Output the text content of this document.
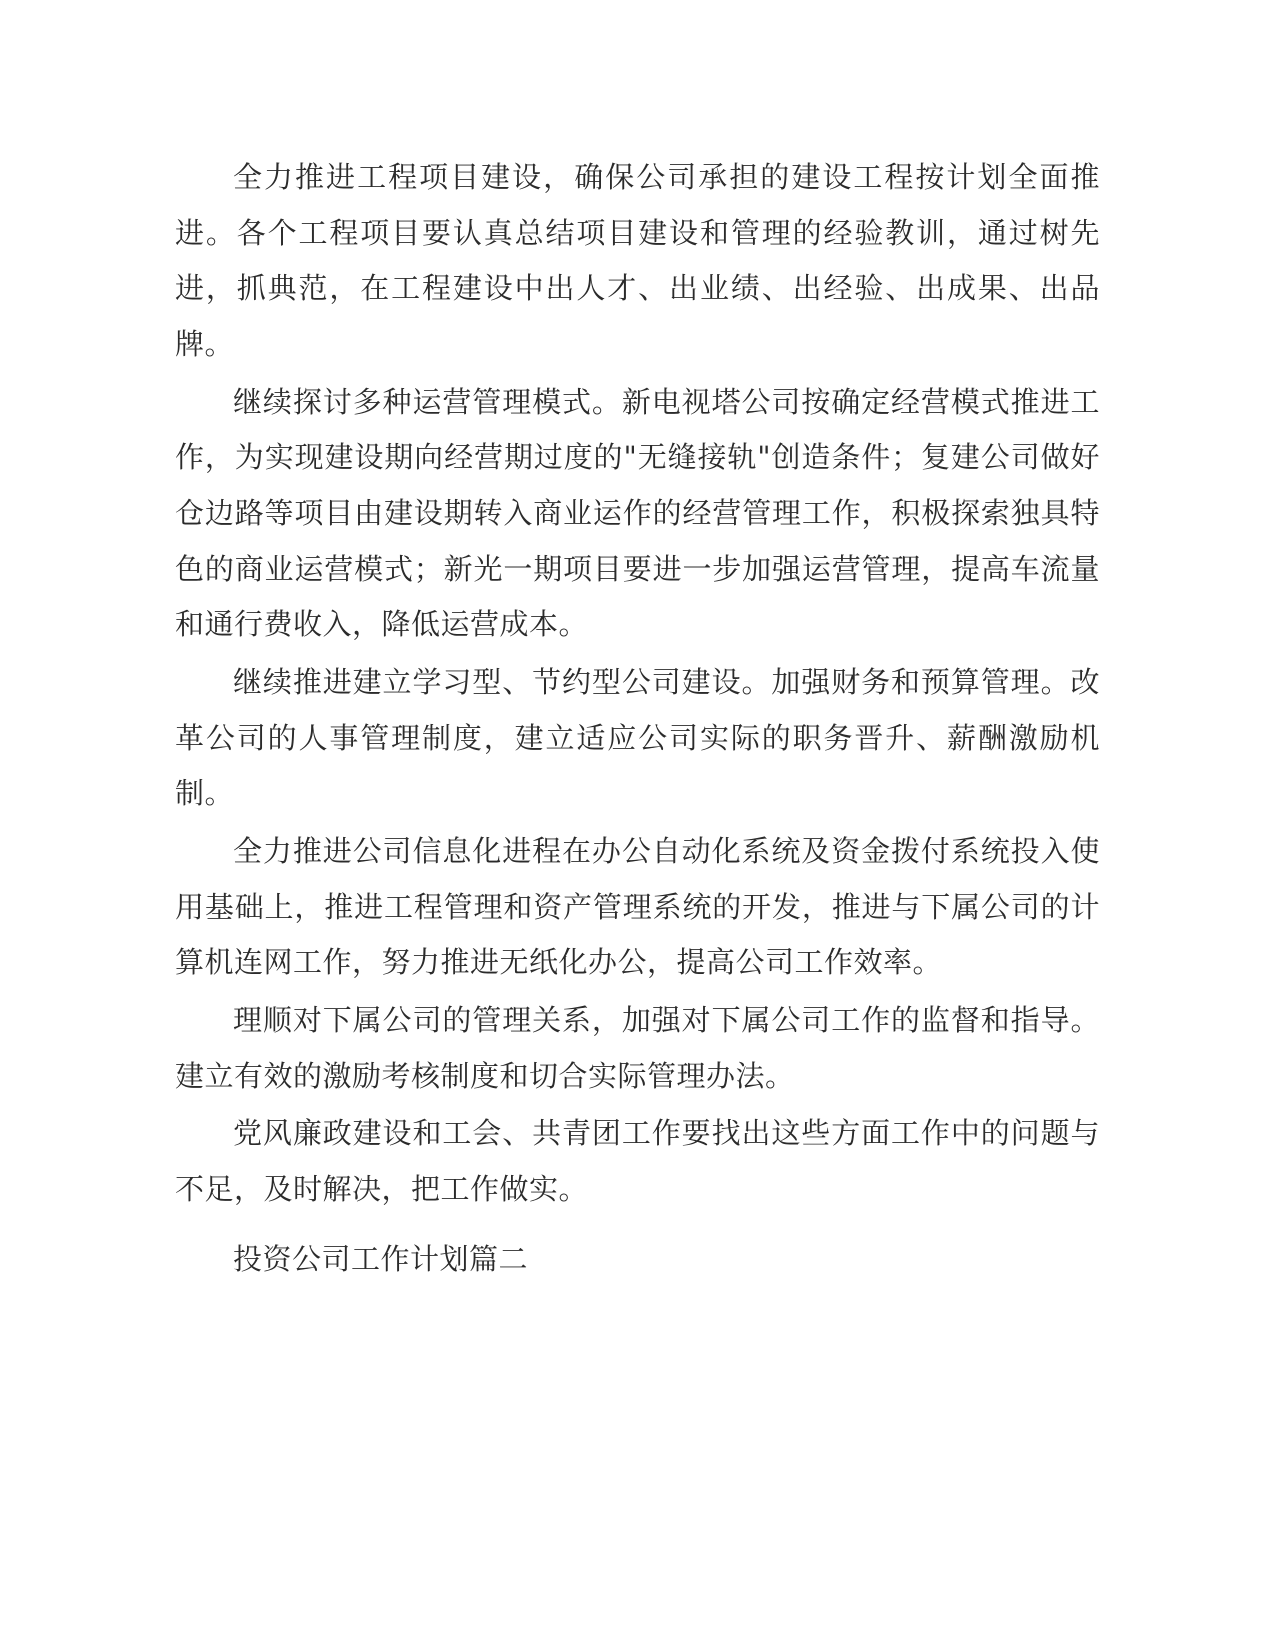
全力推进工程项目建设，确保公司承担的建设工程按计划全面推进。各个工程项目要认真总结项目建设和管理的经验教训，通过树先进，抓典范，在工程建设中出人才、出业绩、出经验、出成果、出品牌。

继续探讨多种运营管理模式。新电视塔公司按确定经营模式推进工作，为实现建设期向经营期过度的"无缝接轨"创造条件；复建公司做好仓边路等项目由建设期转入商业运作的经营管理工作，积极探索独具特色的商业运营模式；新光一期项目要进一步加强运营管理，提高车流量和通行费收入，降低运营成本。

继续推进建立学习型、节约型公司建设。加强财务和预算管理。改革公司的人事管理制度，建立适应公司实际的职务晋升、薪酬激励机制。

全力推进公司信息化进程在办公自动化系统及资金拨付系统投入使用基础上，推进工程管理和资产管理系统的开发，推进与下属公司的计算机连网工作，努力推进无纸化办公，提高公司工作效率。

理顺对下属公司的管理关系，加强对下属公司工作的监督和指导。建立有效的激励考核制度和切合实际管理办法。

党风廉政建设和工会、共青团工作要找出这些方面工作中的问题与不足，及时解决，把工作做实。

投资公司工作计划篇二
